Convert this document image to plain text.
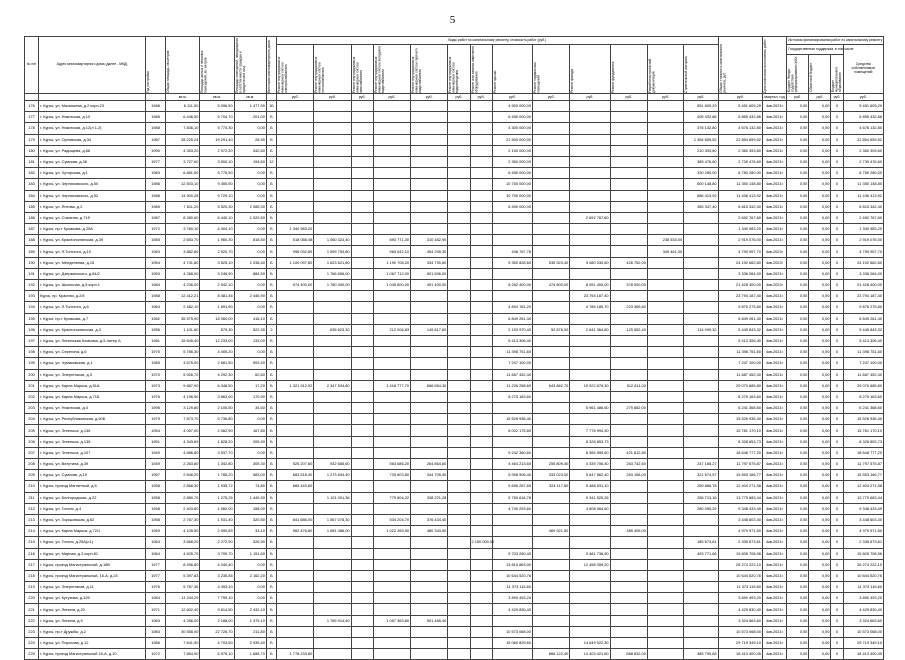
5
№ п/п	Адрес многоквартирного дома (далее - МКД)	Год постройки	Общая площадь, кв.метров	Площадь жилых и нежилых помещений, кв. метров	Площадь помещений, находящихся в собственности граждан и юридических лиц	Категория многоквартирного дома	Виды работ по капитальному ремонту, стоимость работ (руб.)													Общая стоимость капитального ремонта, руб.	Срок окончания выполнения работ	Источник финансирования работ по капитальному ремонту			

							Ремонт внутридомовых инженерных систем электроснабжения	Ремонт внутридомовых инженерных систем теплоснабжения	Ремонт внутридомовых инженерных систем газоснабжения	Ремонт внутридомовых инженерных систем холодного водоснабжения	Ремонт внутридомовых инженерных систем горячего водоснабжения	Ремонт внутридомовых инженерных систем водоотведения	Ремонт или замена лифтового оборудования	Ремонт крыши	Ремонт подвальных помещений	Ремонт фасада	Ремонт фундамента	Разработка проектной документации	Строительный контроль			Государственная поддержка, в том числе			Средства собственников помещений

																						Бюджет Фонда содействия реформированию ЖКХ	Областной бюджет	Бюджет муниципального образования	

			кв.м.	кв.м.	кв.м.		руб.	руб.	руб.	руб.	руб.	руб.	руб.	руб.	руб.	руб.	руб.	руб.	руб.	руб.	квартал, год	руб.	руб.	руб.	руб.
176	г. Курск, ул. Малышева, д.2 корп.23	1988	6 111,50	5 096,50	1 477,90	1Б								4 900 000,00					551 609,29	5 451 609,29	4кв.2021г	0,00	0,00	0	5 451 609,29
177	г. Курск, ул. Никитская, д.10	1986	6 446,50	5 704,70	201,00	Б								6 450 000,00					405 432,86	6 855 432,86	4кв.2021г	0,00	0,00	0	6 855 432,86
178	г. Курск, ул. Никитская, д.12(л 1,2)	1988	7 836,10	5 773,30	0,00	Б								4 300 000,00					376 132,80	4 676 132,80	4кв.2021г	0,00	0,00	0	4 676 132,80
179	г. Курск, ул. Орловская, д.34	1987	28 225,24	19 291,40	28,90	Б								21 500 000,00					1 354 659,52	22 854 659,52	4кв.2021г	0,00	0,00	0	22 854 659,52
180	г. Курск, ул. Радищева, д.66	1990	4 353,20	2 972,20	342,60	Б								2 150 000,00					210 393,60	2 360 393,60	4кв.2021г	0,00	0,00	0	2 360 393,60
181	г. Курск, ул. Сумская, д.38	1977	3 727,60	3 900,10	194,60	12								2 350 000,00					389 476,60	2 739 476,60	4кв.2021г	0,00	0,00	0	2 739 476,60
182	г. Курск, ул. Хуторская, д.1	1983	6 881,00	5 775,50	0,00	Б								6 450 000,00					330 280,00	6 780 280,00	4кв.2021г	0,00	0,00	0	6 780 280,00
183	г. Курск, ул. Черняховского, д.50	1986	12 503,10	9 455,50	0,00	Б								10 750 000,00					600 148,80	11 350 148,80	4кв.2021г	0,00	0,00	0	11 350 148,80
184	г. Курск, ул. Черняховского, д.52	1988	14 300,28	9 729,10	0,00	Б								10 750 000,00					686 413,92	11 436 413,92	4кв.2021г	0,00	0,00	0	11 436 413,92
185	г. Курск, ул. Янтова, д.2	1985	7 611,20	5 520,30	2 085,30	Б								6 450 000,00					365 347,40	6 815 342,40	4кв.2021г	0,00	0,00	0	6 815 342,40
186	г. Курск, ул. Союзная, д.71б	1987	8 280,60	6 440,10	1 020,50	Б										2 692 767,60				2 692 767,60	4кв.2021г	0,00	0,00	0	2 692 767,60
187	г. Курск, пр-т Кулакова, д.25А	1972	3 760,10	4 404,10	0,00	Б	1 340 983,20													1 340 983,20	4кв.2021г	0,00	0,00	0	1 340 983,20
188	г. Курск, ул. Краснополянская, д.39	1985	2 653,70	1 960,30	818,50	Б	518 058,48	1 060 324,40		693 771,30	310 482,90							238 533,00		2 919 076,00	4кв.2021г	0,00	0,00	0	2 919 076,00
189	г. Курск, ул. Л.Толстого, д.10	1983	3 882,80	2 520,70	0,00	Б	998 032,89	1 599 754,80		965 642,10	454 299,30			436 767,78				349 461,00		4 799 957,70	4кв.2022г	0,00	0,00	0	4 799 957,70
190	г. Курск, ул. Менделеева, д.15	1954	4 741,80	3 525,10	1 038,40	Б	1 100 097,80	1 623 621,80		1 190 708,20	334 790,60			9 350 828,60	535 923,40	9 080 030,60	426 752,00			24 192 662,60	4кв.2022г	0,00	0,00	0	24 192 662,60
191	г. Курск, ул. Дзержинского, д.84/2	1953	4 288,00	3 246,90	884,50	Б		1 766 656,00		1 067 712,00	501 696,00									3 336 064,00	4кв.2021г	0,00	0,00	0	3 336 064,00
192	г. Курск, ул. Школьная, д.5 корп.1	1984	4 236,00	2 542,10	0,00	Б	974 400,00	1 780 400,00		1 045 800,00	491 400,00			8 282 400,00	474 600,00	8 051 400,00	378 000,00			21 428 400,00	4кв.2022г	0,00	0,00	0	21 428 400,00
193	Курск, пр. Красная, д.2/4	1988	12 412,21	8 481,46	2 446,90	Б										23 794 187,40				23 794 187,40	4кв.2021г	0,00	0,00	0	23 794 187,40
194	г. Курск, ул. Л.Толстого, д.8	1964	2 482,10	1 691,90	0,00	Б								4 894 781,20		4 786 185,70	223 369,60			9 876 275,80	4кв.2021г	0,00	0,00	0	9 876 275,80
195	г. Курск, пр-т Кулакова, д.7	1982	35 575,90	18 060,00	416,10	Б								6 849 261,40						6 849 261,40	4кв.2021г	0,00	0,00	0	6 849 261,40
196	г. Курск, ул. Краснополянская, д.3	1956	1 101,60	579,30	522,30	2		635 623,30		212 006,83	149 817,60			2 153 970,40	52 876,00	2 641 364,80	125 552,40		114 099,32	5 445 843,32	4кв.2021г	0,00	0,00	0	5 445 843,32
197	г. Курск, ул. Ленинская Комкома, д.5 литер А	1981	15 645,40	12 233,00	133,00	Б								5 413 306,40						5 413 306,40	4кв.2021г	0,00	0,00	0	5 413 306,40
198	г. Курск, ул. Серегина, д.6	1975	5 786,30	4 405,20	0,00	Б								11 398 751,60						11 398 751,60	4кв.2021г	0,00	0,00	0	11 398 751,60
199	г. Курск, ул. Чумаковская, д.1	1985	3 675,00	2 681,50	993,40	Б								7 247 100,00						7 247 100,00	4кв.2021г	0,00	0,00	0	7 247 100,00
200	г. Курск, ул. Энергетиков, д.3	1970	5 926,70	4 292,30	62,60	Б								11 687 452,40						11 687 452,40	4кв.2021г	0,00	0,00	0	11 687 452,40
201	г. Курск, ул. Карла Маркса, д.51А	1973	9 687,90	6 348,50	17,20	Б	1 321 912,92	2 347 534,80		1 418 777,70	666 654,30			11 226 258,60	643 862,70	10 922 878,30	512 811,00			29 070 685,80	4кв.2021г	0,00	0,00	0	29 070 685,80
202	г. Курск, ул. Карла Маркса, д.71Б	1976	4 196,90	3 663,90	170,90	Б								8 275 163,60						8 275 163,60	4кв.2021г	0,00	0,00	0	8 275 163,60
203	г. Курск, ул. Никитская, д.4	1996	3 129,80	2 105,50	34,50	Б										5 961 486,60	279 882,00			6 241 368,60	4кв.2021г	0,00	0,00	0	6 241 368,60
204	г. Курск, ул. Республиканская, д.50Б	1975	7 873,70	5 736,80	0,00	Б								15 526 936,40						15 526 936,40	4кв.2021г	0,00	0,00	0	15 526 936,40
205	г. Курск, ул. Энгельса, д.136	1954	4 057,00	2 062,90	167,80	Б								8 002 175,80		7 778 994,30				15 781 170,10	4кв.2021г	0,00	0,00	0	15 781 170,10
206	г. Курск, ул. Энгельса, д.138	1951	4 343,69	1 828,20	205,90	Б										8 328 853,73				8 328 853,73	4кв.2021г	0,00	0,00	0	8 328 853,73
207	г. Курск, ул. Энгельса, д.107	1949	4 686,80	3 537,70	0,00	Б								9 242 360,60		8 984 595,60	421 812,80			18 648 777,20	4кв.2021г	0,00	0,00	0	18 648 777,20
208	г. Курск, ул. Ватутина, д.39	1949	2 263,80	1 342,80	305,30	Б	525 207,60	932 685,60		563 686,20	264 864,60			4 464 213,60	255 809,40	4 339 706,40	263 742,60		247 168,27	11 797 575,87	4кв.2021г	0,00	0,00	0	11 797 575,87
209	г. Курск, ул. Сумская, д.19	1957	2 846,20	1 785,20	583,00	Б	683 518,40	1 273 834,40		733 603,80	344 705,40			5 998 906,40	333 023,00	5 647 862,40	263 158,00		321 674,57	15 553 166,77	4кв.2021г	0,00	0,00	0	15 553 166,77
210	г. Курск, проезд Магнитный, д.5	1958	2 868,30	1 935,72	74,80	Б	665 443,60							5 696 287,60	324 117,80	5 488 531,10			259 866,78	12 404 271,98	4кв.2021г	0,00	0,00	0	12 404 271,98
211	г. Курск, ул. Белгородская, д.22	1958	2 880,70	1 275,25	1 449,30	Б		1 101 001,36		779 604,22	338 221,28			5 780 618,76		5 341 525,26			258 713,16	13 779 683,44	4кв.2021г	0,00	0,00	0	13 779 683,44
212	г. Курск, ул. Гоголя, д.4	1958	2 403,80	1 060,00	158,00	Б								4 740 293,60		4 608 064,60			280 055,29	9 348 433,49	4кв.2021г	0,00	0,00	0	9 348 433,49
213	г. Курск, ул. Хорьковская, д.62	1958	2 767,30	1 931,40	320,80	Б	841 686,00	1 567 078,30		534 204,70	376 434,40									3 448 603,40	4кв.2021г	0,00	0,00	0	3 448 603,40
214	г. Курск, ул. Карла Маркса, д.72/1	1959	4 105,50	2 590,89	33,10	Б	962 476,80	1 681 486,00		1 022 269,50	480 343,50				469 921,50		389 405,00			4 979 971,50	4кв.2021г	0,00	0,00	0	4 979 971,50
215	г. Курск, ул. Гоголя, д.25А(л1)	1964	3 668,20	2 272,90	326,90	Б							2 150 000,00						185 673,61	2 335 673,61	4кв.2021г	0,00	0,00	0	2 335 673,61
216	г. Курск, ул. Мирная, д.2 корп.81	1964	4 635,70	3 799,70	1 151,60	Б								9 703 260,40		9 481 736,90			493 771,66	19 605 708,96	4кв.2021г	0,00	0,00	0	19 605 708,96
217	г. Курск, проезд Магистральный, д.16В	1977	8 496,80	4 040,40	0,00	Б								13 815 863,00		12 458 359,20				26 274 222,10	4кв.2021г	0,00	0,00	0	26 274 222,10
218	г. Курск, проезд Магистральный, 16-А, д.24	1977	5 397,83	3 235,85	2 162,20	Б								10 644 520,76						10 644 520,76	4кв.2021г	0,00	0,00	0	10 644 520,76
219	г. Курск, ул. Энергетиков, д.11	1976	5 767,36	4 493,10	0,00	Б								11 373 115,60						11 373 115,60	4кв.2021г	0,00	0,00	0	11 373 115,60
220	г. Курск, ул. Кутузова, д.126	1984	11 244,29	7 799,10	0,00	Б								3 890 493,20						3 890 493,20	4кв.2021г	0,00	0,00	0	3 890 493,20
221	г. Курск, ул. Ленина, д.20	1971	12 602,40	9 614,50	2 432,10	Б								4 429 830,40						4 429 830,40	4кв.2021г	0,00	0,00	0	4 429 830,40
222	г. Курск, ул. Ленина, д.9	1963	4 286,00	2 188,00	1 375,10	Б		1 765 914,40		1 057 363,80	501 485,40									3 324 663,60	4кв.2021г	0,00	0,00	0	3 324 663,60
223	г. Курск, пр-т Дружбы, д.2	1983	30 558,00	22 726,70	211,80	Б								10 573 068,00						10 573 068,00	4кв.2021г	0,00	0,00	0	10 573 068,00
224	г. Курск, ул. Пирогова, д.12	1986	7 641,90	4 703,50	2 939,40	Б								15 060 829,60		14 649 522,30				29 719 349,10	4кв.2021г	0,00	0,00	0	29 719 349,10
225	г. Курск, проезд Магистральный 16-А, д.10	1972	7 664,90	5 976,10	1 688,70	Б	1 778 233,80								866 122,40	14 403 421,60	688 832,00		385 790,65	18 413 400,45	4кв.2021г	0,00	0,00	0	18 413 400,45
